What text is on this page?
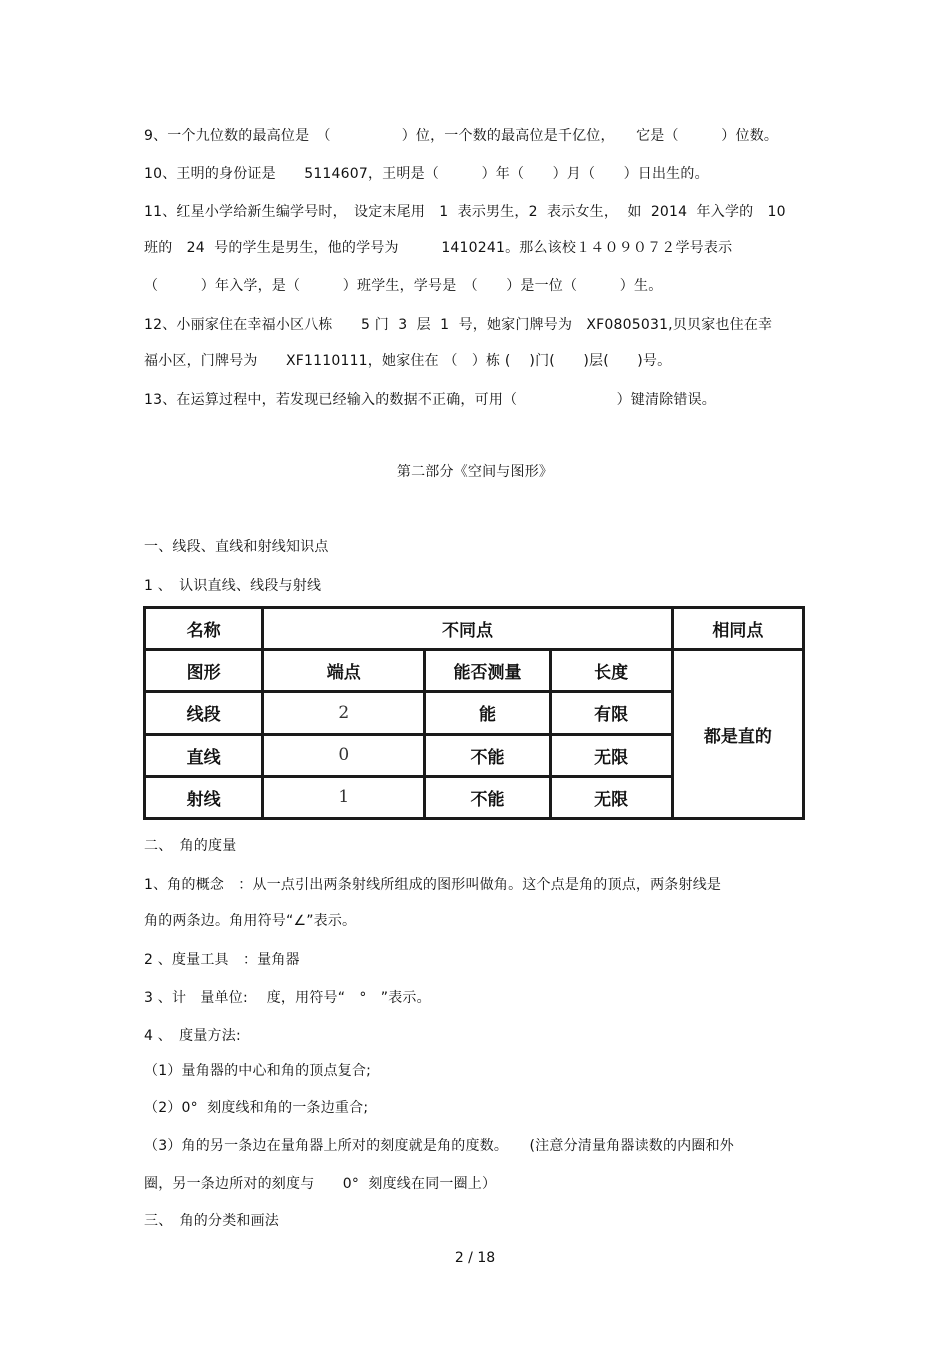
9、一个九位数的最高位是　（　　　　　）位，一个数的最高位是千亿位，　　它是（　　　）位数。
10、王明的身份证是　　5114607，王明是（　　　）年（　　）月（　　）日出生的。
11、红星小学给新生编学号时，　设定末尾用　1  表示男生，2  表示女生，  如  2014  年入学的　10
班的　24  号的学生是男生，他的学号为　　　1410241。那么该校１４０９０７２学号表示
（　　　）年入学，是（　　　）班学生，学号是　（　　）是一位（　　　）生。
12、小丽家住在幸福小区八栋　　5 门  3  层  1  号，她家门牌号为　XF0805031,贝贝家也住在幸
福小区，门牌号为　　XF1110111，她家住在 （　）栋 (　 )门(　　)层(　　)号。
13、在运算过程中，若发现已经输入的数据不正确，可用（　　　　　　　）键清除错误。
第二部分《空间与图形》
一、线段、直线和射线知识点
1 、　认识直线、线段与射线
名称	不同点			相同点
图形	端点	能否测量	长度	都是直的
线段	2	能	有限	
直线	0	不能	无限	
射线	1	不能	无限	
二、　角的度量
1、角的概念　：从一点引出两条射线所组成的图形叫做角。这个点是角的顶点，两条射线是
角的两条边。角用符号“∠”表示。
2 、度量工具　：量角器
3 、计　量单位:　 度，用符号“　°　”表示。
4 、　度量方法:
（1）量角器的中心和角的顶点复合;
（2）0°  刻度线和角的一条边重合;
（3）角的另一条边在量角器上所对的刻度就是角的度数。　　(注意分清量角器读数的内圈和外
圈，另一条边所对的刻度与　　0°  刻度线在同一圈上）
三、　角的分类和画法
2 / 18
